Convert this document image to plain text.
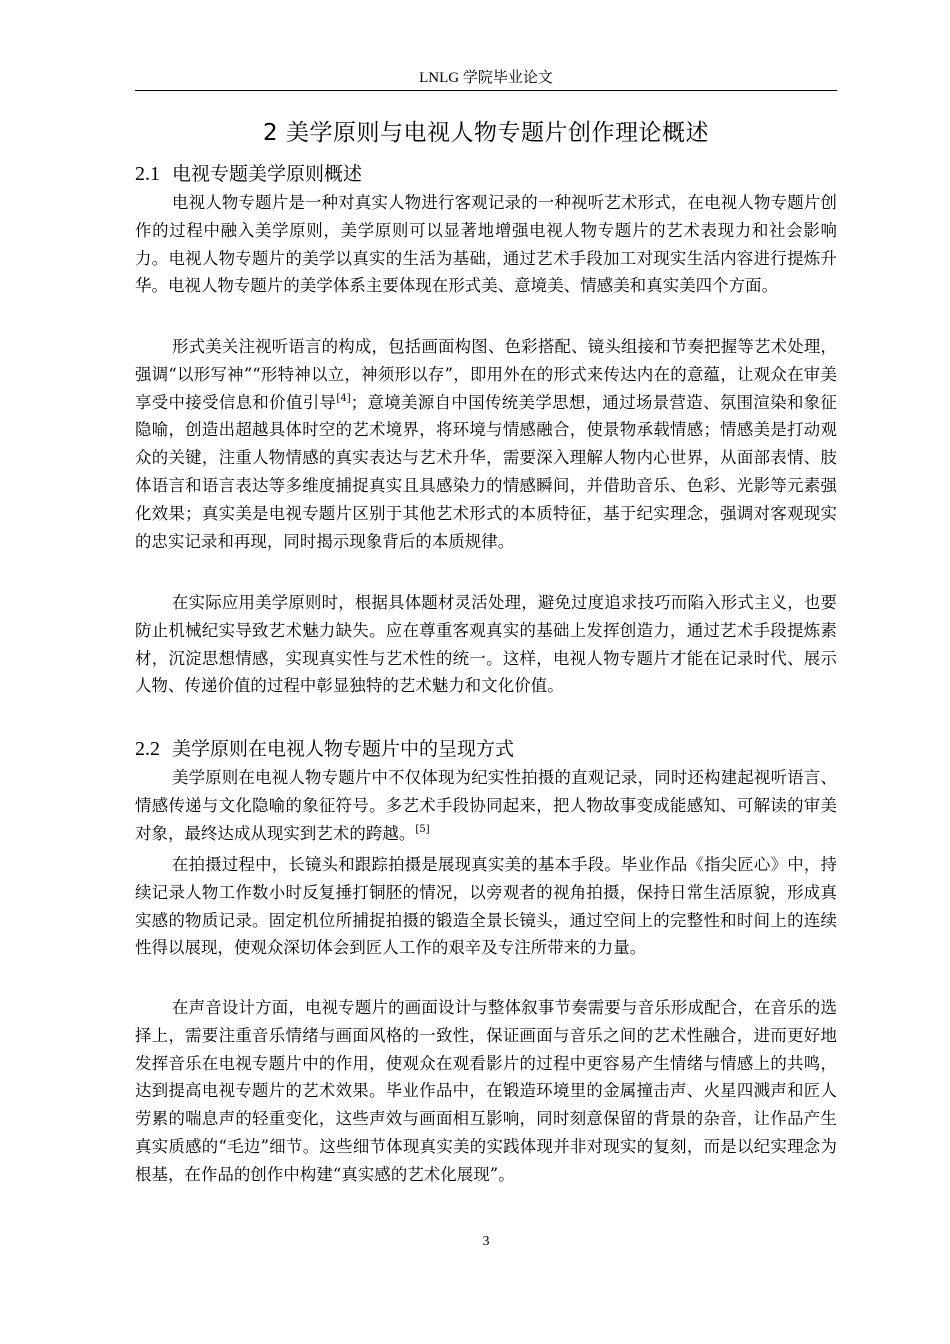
LNLG 学院毕业论文
2 美学原则与电视人物专题片创作理论概述
2.1 电视专题美学原则概述

电视人物专题片是一种对真实人物进行客观记录的一种视听艺术形式，在电视人物专题片创作的过程中融入美学原则，美学原则可以显著地增强电视人物专题片的艺术表现力和社会影响力。电视人物专题片的美学以真实的生活为基础，通过艺术手段加工对现实生活内容进行提炼升华。电视人物专题片的美学体系主要体现在形式美、意境美、情感美和真实美四个方面。

形式美关注视听语言的构成，包括画面构图、色彩搭配、镜头组接和节奏把握等艺术处理，强调“以形写神”“形特神以立，神须形以存”，即用外在的形式来传达内在的意蕴，让观众在审美享受中接受信息和价值引导[4]；意境美源自中国传统美学思想，通过场景营造、氛围渲染和象征隐喻，创造出超越具体时空的艺术境界，将环境与情感融合，使景物承载情感；情感美是打动观众的关键，注重人物情感的真实表达与艺术升华，需要深入理解人物内心世界，从面部表情、肢体语言和语言表达等多维度捕捉真实且具感染力的情感瞬间，并借助音乐、色彩、光影等元素强化效果；真实美是电视专题片区别于其他艺术形式的本质特征，基于纪实理念，强调对客观现实的忠实记录和再现，同时揭示现象背后的本质规律。

在实际应用美学原则时，根据具体题材灵活处理，避免过度追求技巧而陷入形式主义，也要防止机械纪实导致艺术魅力缺失。应在尊重客观真实的基础上发挥创造力，通过艺术手段提炼素材，沉淀思想情感，实现真实性与艺术性的统一。这样，电视人物专题片才能在记录时代、展示人物、传递价值的过程中彰显独特的艺术魅力和文化价值。

2.2 美学原则在电视人物专题片中的呈现方式

美学原则在电视人物专题片中不仅体现为纪实性拍摄的直观记录，同时还构建起视听语言、情感传递与文化隐喻的象征符号。多艺术手段协同起来，把人物故事变成能感知、可解读的审美对象，最终达成从现实到艺术的跨越。[5]

在拍摄过程中，长镜头和跟踪拍摄是展现真实美的基本手段。毕业作品《指尖匠心》中，持续记录人物工作数小时反复捶打铜胚的情况，以旁观者的视角拍摄，保持日常生活原貌，形成真实感的物质记录。固定机位所捕捉拍摄的锻造全景长镜头，通过空间上的完整性和时间上的连续性得以展现，使观众深切体会到匠人工作的艰辛及专注所带来的力量。

在声音设计方面，电视专题片的画面设计与整体叙事节奏需要与音乐形成配合，在音乐的选择上，需要注重音乐情绪与画面风格的一致性，保证画面与音乐之间的艺术性融合，进而更好地发挥音乐在电视专题片中的作用，使观众在观看影片的过程中更容易产生情绪与情感上的共鸣，达到提高电视专题片的艺术效果。毕业作品中，在锻造环境里的金属撞击声、火星四溅声和匠人劳累的喘息声的轻重变化，这些声效与画面相互影响，同时刻意保留的背景的杂音，让作品产生真实质感的“毛边”细节。这些细节体现真实美的实践体现并非对现实的复刻，而是以纪实理念为根基，在作品的创作中构建“真实感的艺术化展现”。

3
